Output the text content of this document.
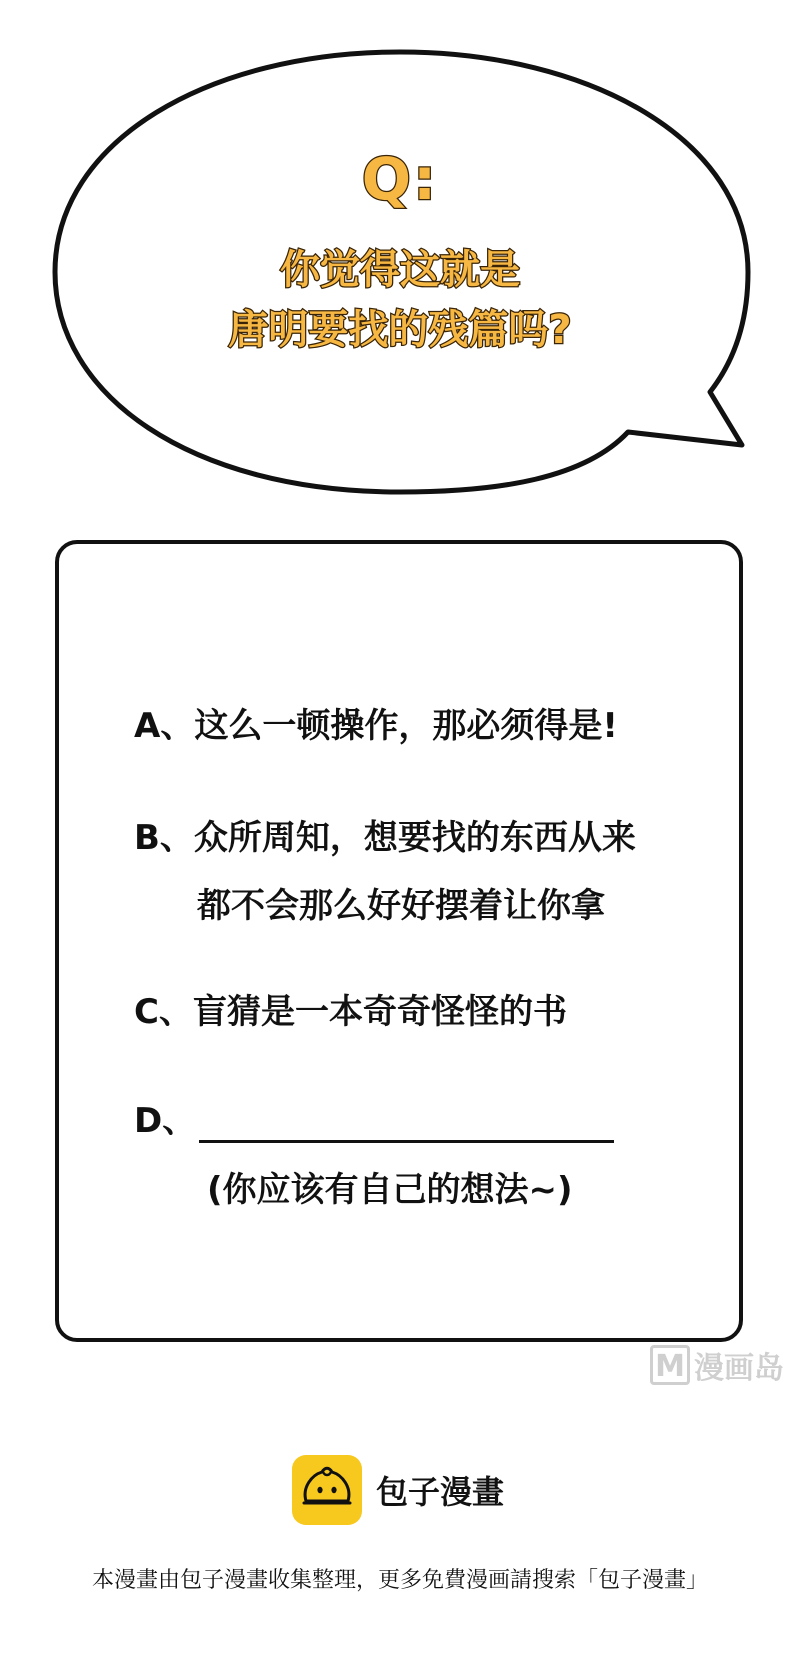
Q:
你觉得这就是
唐明要找的残篇吗?
A、这么一顿操作，那必须得是!
B、众所周知，想要找的东西从来
都不会那么好好摆着让你拿
C、盲猜是一本奇奇怪怪的书
D、
(你应该有自己的想法~)
M 漫画岛
包子漫畫
本漫畫由包子漫畫收集整理，更多免費漫画請搜索「包子漫畫」
